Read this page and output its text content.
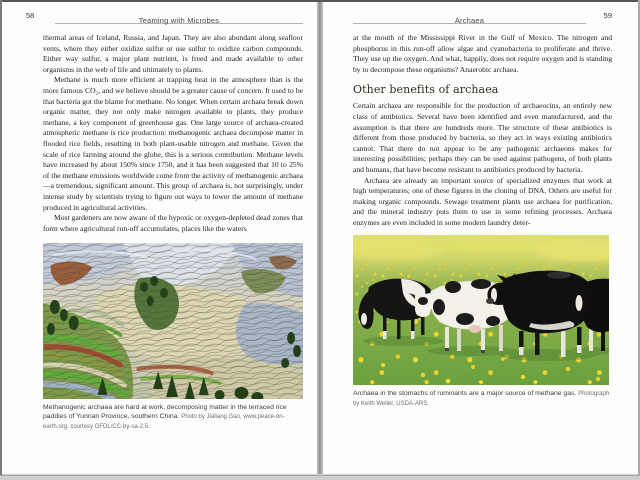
58
Teaming with Microbes

thermal areas of Iceland, Russia, and Japan. They are also abundant along seafloor vents, where they either oxidize sulfur or use sulfur to oxidize carbon compounds. Either way sulfur, a major plant nutrient, is freed and made available to other organisms in the web of life and ultimately to plants.

Methane is much more efficient at trapping heat in the atmosphere than is the more famous CO₂, and we believe should be a greater cause of concern. It used to be that bacteria got the blame for methane. No longer. When certain archaea break down organic matter, they not only make nitrogen available to plants, they produce methane, a key component of greenhouse gas. One large source of archaea-created atmospheric methane is rice production: methanogenic archaea decompose matter in flooded rice fields, resulting in both plant-usable nitrogen and methane. Given the scale of rice farming around the globe, this is a serious contribution. Methane levels have increased by about 150% since 1750, and it has been suggested that 10 to 25% of the methane emissions worldwide come from the activity of methanogenic archaea—a tremendous, significant amount. This group of archaea is, not surprisingly, under intense study by scientists trying to figure out ways to lower the amount of methane produced in agricultural activities.

Most gardeners are now aware of the hypoxic or oxygen-depleted dead zones that form where agricultural run-off accumulates, places like the waters

Methanogenic archaea are hard at work, decomposing matter in the terraced rice paddies of Yunnan Province, southern China. Photo by Jialiang Gao, www.peace-on-earth.org, courtesy GFDL/CC-by-sa-2.5.
Archaea
59

at the mouth of the Mississippi River in the Gulf of Mexico. The nitrogen and phosphorus in this run-off allow algae and cyanobacteria to proliferate and thrive. They use up the oxygen. And what, happily, does not require oxygen and is standing by to decompose these organisms? Anaerobic archaea.

Other benefits of archaea

Certain archaea are responsible for the production of archaeocins, an entirely new class of antibiotics. Several have been identified and even manufactured, and the assumption is that there are hundreds more. The structure of these antibiotics is different from those produced by bacteria, so they act in ways existing antibiotics cannot. That there do not appear to be any pathogenic archaeons makes for interesting possibilities; perhaps they can be used against pathogens, of both plants and humans, that have become resistant to antibiotics produced by bacteria.

Archaea are already an important source of specialized enzymes that work at high temperatures; one of these figures in the cloning of DNA. Others are useful for making organic compounds. Sewage treatment plants use archaea for purification, and the mineral industry puts them to use in some refining processes. Archaea enzymes are even included in some modern laundry deter-

Archaea in the stomachs of ruminants are a major source of methane gas. Photograph by Keith Weller, USDA-ARS.
